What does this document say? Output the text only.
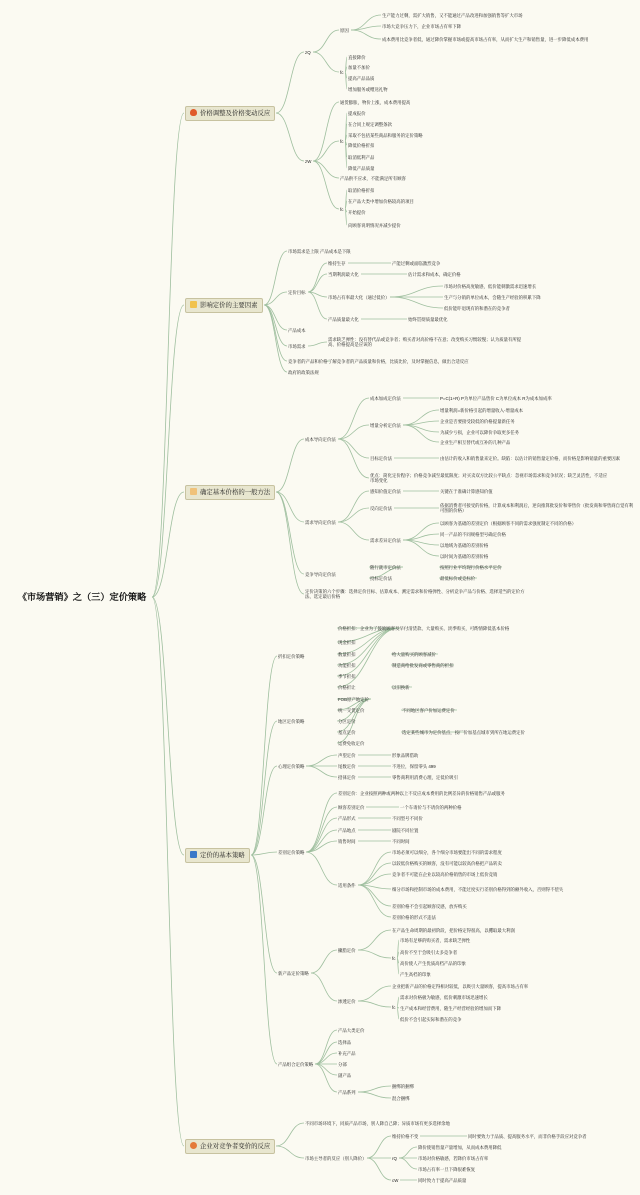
《市场营销》之（三）定价策略
价格调整及价格变动反应
影响定价的主要因素
确定基本价格的一般方法
定价的基本策略
企业对竞争者变价的反应
zQ
原因
生产能力过剩，需扩大销售，又不能通过产品改进和加强销售等扩大市场
市场大竞争压力下，企业市场占有率下降
成本费用比竞争者低，通过降价掌握市场或提高市场占有率，从而扩大生产和销售量，进一步降低成本费用
fc
直接降价
加量不加价
提高产品品质
增加服务或赠送礼物
zW
通货膨胀，物价上涨，成本费用提高
fc
提成报价
在合同上规定调整条款
采取不包括某些商品和服务的定价策略
降低价格折扣
取消低利产品
降低产品质量
产品供不应求，不能满足所有顾客
fc
取消价格折扣
在产品大类中增加价格较高的项目
开始提价
向顾客说明情况并减少提价
市场需求是上限 产品成本是下限
定价目标
维持生存	产能过剩或面临激烈竞争
当期利润最大化	估计需求和成本，确定价格
市场占有率最大化（通过低价）
市场对价格高度敏感，低价能刺激需求迅速增长
生产与分销的单位成本，会随生产经验的积累下降
低价能吓退现有的和潜在的竞争者
产品质量最大化	始终贯彻质量最优化
产品成本
市场需求
需求缺乏弹性：没有替代品或竞争者；购买者对高价格不在意；改变购买习惯较慢；认为质量有所提高、价格提高是应该的
竞争者的产品和价格 了解竞争者的产品质量和价格，比质比价，及时掌握信息，做出合适反应
政府的政策法规
成本导向定价法
成本加成定价法	P=C(1+R) P为单位产品售价 C为单位成本 R为成本加成率
增量分析定价法
增量利润=新价格引起的增量收入-增量成本
企业是否要接受较低的价格提量新任务
为减少亏损，企业可以降价争取更多任务
企业生产相互替代或互补的几种产品
目标定价法	由估计的收入和销售量来定价。缺陷：以估计的销售量定价格，而价格是影响销量的重要因素
优点：简化定价程序；价格竞争减至最低限度；对买卖双方比较公平缺点：忽视市场需求和竞争状况；缺乏灵活性，不适应市场变化
需求导向定价法
感知价值定价法	关键在于准确计算感知价值
反向定价法
依据消费者可接受的价格，计算成本和利润后，逆向推算批发价和零售价（批发商和零售商自觉有利可图的价格）
需求差异定价法
以顾客为基础的差别定价（根据顾客不同的需求强度制定不同的价格）
同一产品的不同规格型号确定价格
以地域为基础的差别价格
以时间为基础的差别价格
竞争导向定价法
随行就市定价法	按照行业平均现行价格水平定价
投标定价法	最低标价或竞标价
定价决策的六个步骤：选择定价目标、估算成本、测定需求和价格弹性、分析竞争产品与价格、选择适当的定价方法、选定最后价格
折扣定价策略
价格折扣：企业为了鼓励顾客及早付清货款、大量购买、淡季购买，可酌情降低基本价格
现金折扣
数量折扣	给大量购买的顾客减价
功能折扣	制造商给批发商或零售商的折扣
季节折扣
价格折让	以旧换新
地区定价策略
FOB原产地定价
统一交货定价	不同地区客户价加运费定价
分区定价
基点定价	选定某些城市为定价基点，按厂价加基点城市到所在地运费定价
运费免收定价
心理定价策略
声望定价	形象品牌借助
尾数定价	不进位，保留零头 499
招徕定价	零售商利用消费心理，定低价吸引
差别定价策略
差别定价：企业按照两种或两种以上不反应成本费用的比例差异的价格销售产品或服务
顾客差别定价	一个车请价与不请价的两种价格
产品形式	不同型号不同价
产品地点	剧院不同位置
销售时间	不同时间
适用条件
市场必须可以细分，各个细分市场要能出不同的需求程度
以较低价格购买的顾客，没有可能以较高价格把产品转卖
竞争者不可能在企业以较高价格销售的市场上低价竞销
细分市场和控制市场的成本费用，不能过度实行差别价格得到的额外收入，否则得不偿失
差别价格不会引起顾客反感，放弃购买
差别价格的形式不违法
新产品定价策略
撇脂定价
在产品生命周期的最初阶段，把价格定得很高，以攫取最大利润
fc
市场有足够的购买者，需求缺乏弹性
高价不至于会吸引太多竞争者
高价使人产生优质高档产品的印象
产生高档的印象
渗透定价
企业把新产品的价格定得相对较低，以吸引大量顾客，提高市场占有率
fc
需求对价格极为敏感，低价刺激市场迅速增长
生产成本和经营费用，随生产经营经验的增加而下降
低价不会引起实际和潜在的竞争
产品组合定价策略
产品大类定价
选择品
补充产品
分部
副产品
产品系列
捆绑的捆绑
混合捆绑
不同市场环境下，同质产品市场，别人降自己降；异质市场有更多选择余地
市场主导者的反应（别人降价）
维持价格不变	同时要致力于品质、提高服务水平，而非价格手段应对竞争者
rQ
降价使销售量产量增加，从而成本费用降低
市场对价格敏感，若降价市场占有率
市场占有率一旦下降很难恢复
cW	同时致力于提高产品质量
